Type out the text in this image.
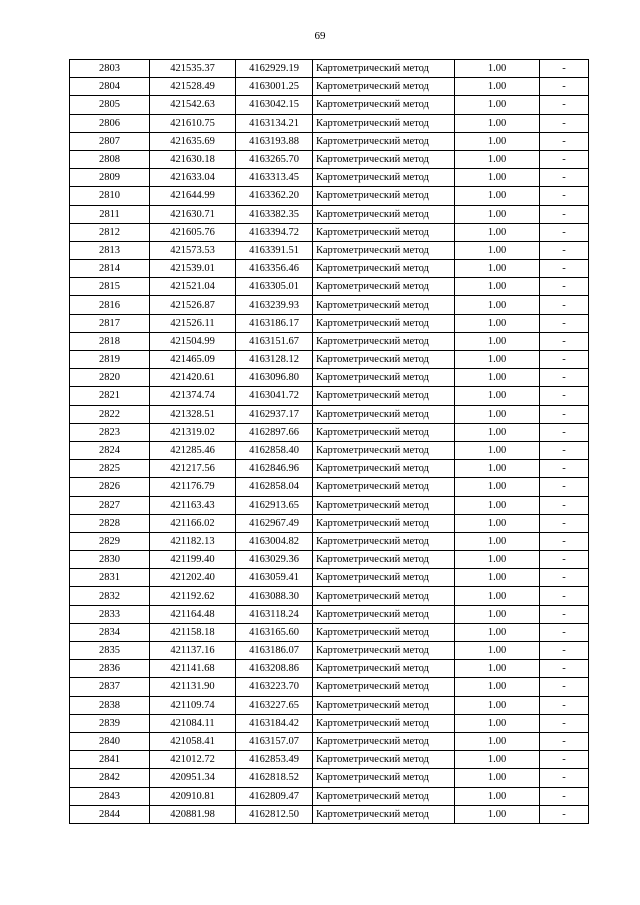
69
2803	421535.37	4162929.19	Картометрический метод	1.00	-
2804	421528.49	4163001.25	Картометрический метод	1.00	-
2805	421542.63	4163042.15	Картометрический метод	1.00	-
2806	421610.75	4163134.21	Картометрический метод	1.00	-
2807	421635.69	4163193.88	Картометрический метод	1.00	-
2808	421630.18	4163265.70	Картометрический метод	1.00	-
2809	421633.04	4163313.45	Картометрический метод	1.00	-
2810	421644.99	4163362.20	Картометрический метод	1.00	-
2811	421630.71	4163382.35	Картометрический метод	1.00	-
2812	421605.76	4163394.72	Картометрический метод	1.00	-
2813	421573.53	4163391.51	Картометрический метод	1.00	-
2814	421539.01	4163356.46	Картометрический метод	1.00	-
2815	421521.04	4163305.01	Картометрический метод	1.00	-
2816	421526.87	4163239.93	Картометрический метод	1.00	-
2817	421526.11	4163186.17	Картометрический метод	1.00	-
2818	421504.99	4163151.67	Картометрический метод	1.00	-
2819	421465.09	4163128.12	Картометрический метод	1.00	-
2820	421420.61	4163096.80	Картометрический метод	1.00	-
2821	421374.74	4163041.72	Картометрический метод	1.00	-
2822	421328.51	4162937.17	Картометрический метод	1.00	-
2823	421319.02	4162897.66	Картометрический метод	1.00	-
2824	421285.46	4162858.40	Картометрический метод	1.00	-
2825	421217.56	4162846.96	Картометрический метод	1.00	-
2826	421176.79	4162858.04	Картометрический метод	1.00	-
2827	421163.43	4162913.65	Картометрический метод	1.00	-
2828	421166.02	4162967.49	Картометрический метод	1.00	-
2829	421182.13	4163004.82	Картометрический метод	1.00	-
2830	421199.40	4163029.36	Картометрический метод	1.00	-
2831	421202.40	4163059.41	Картометрический метод	1.00	-
2832	421192.62	4163088.30	Картометрический метод	1.00	-
2833	421164.48	4163118.24	Картометрический метод	1.00	-
2834	421158.18	4163165.60	Картометрический метод	1.00	-
2835	421137.16	4163186.07	Картометрический метод	1.00	-
2836	421141.68	4163208.86	Картометрический метод	1.00	-
2837	421131.90	4163223.70	Картометрический метод	1.00	-
2838	421109.74	4163227.65	Картометрический метод	1.00	-
2839	421084.11	4163184.42	Картометрический метод	1.00	-
2840	421058.41	4163157.07	Картометрический метод	1.00	-
2841	421012.72	4162853.49	Картометрический метод	1.00	-
2842	420951.34	4162818.52	Картометрический метод	1.00	-
2843	420910.81	4162809.47	Картометрический метод	1.00	-
2844	420881.98	4162812.50	Картометрический метод	1.00	-
